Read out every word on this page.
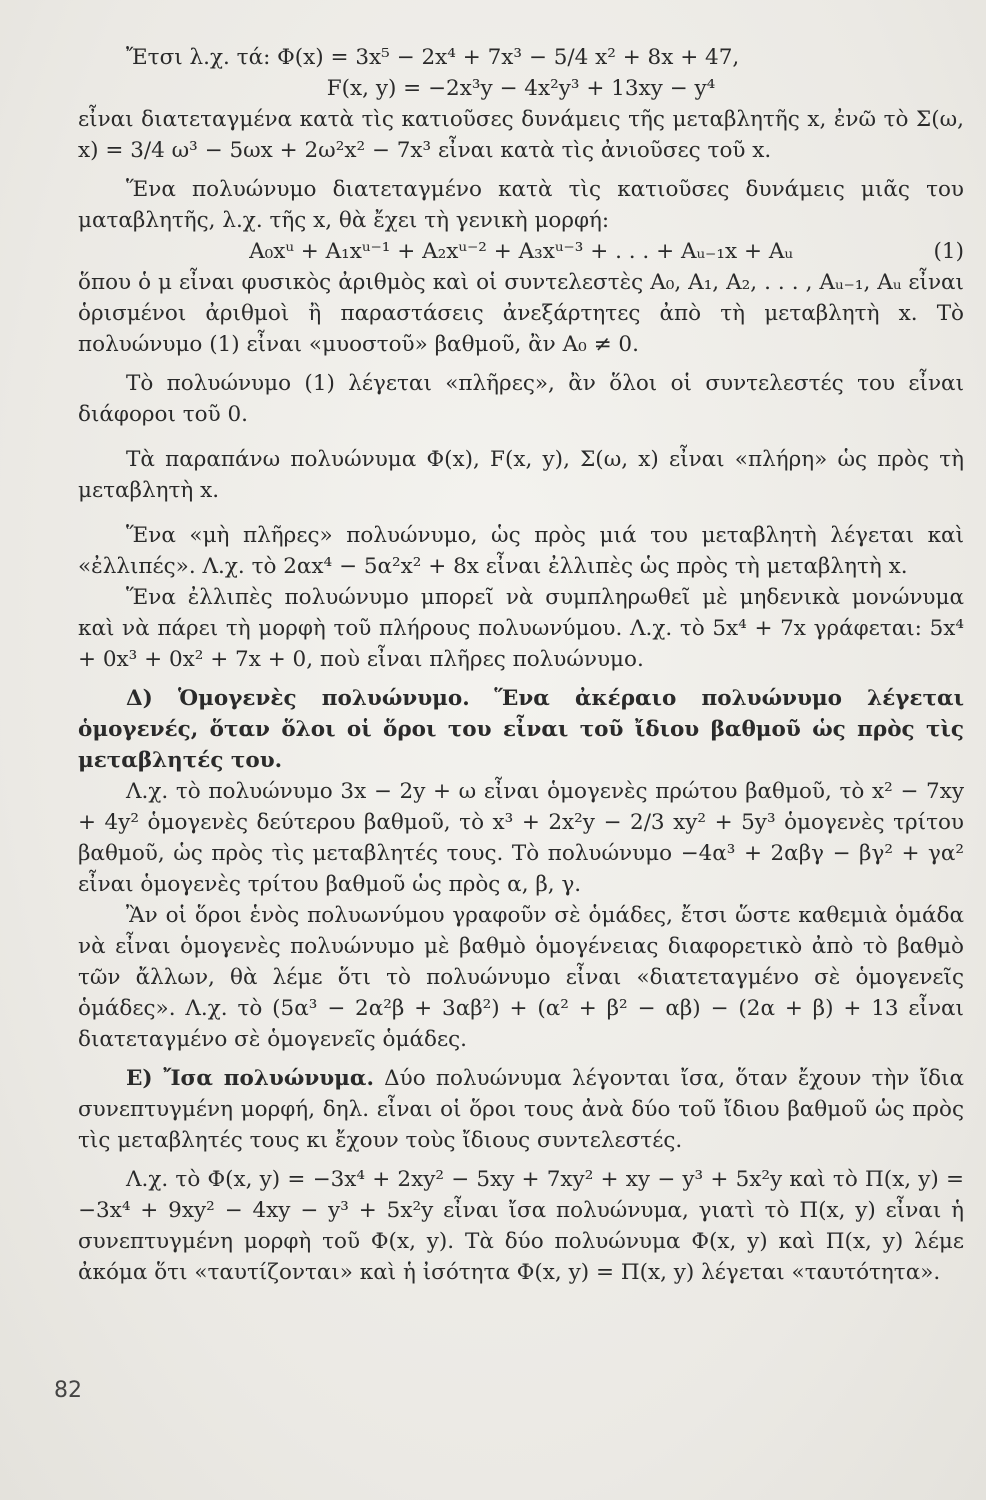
Ἔτσι λ.χ. τά: Φ(x) = 3x⁵ − 2x⁴ + 7x³ − 5/4 x² + 8x + 47,

F(x, y) = −2x³y − 4x²y³ + 13xy − y⁴

εἶναι διατεταγμένα κατὰ τὶς κατιοῦσες δυνάμεις τῆς μεταβλητῆς x, ἐνῶ τὸ Σ(ω, x) = 3/4 ω³ − 5ωx + 2ω²x² − 7x³ εἶναι κατὰ τὶς ἀνιοῦσες τοῦ x.

Ἕνα πολυώνυμο διατεταγμένο κατὰ τὶς κατιοῦσες δυνάμεις μιᾶς του ματαβλητῆς, λ.χ. τῆς x, θὰ ἔχει τὴ γενικὴ μορφή:

A₀xᵘ + A₁xᵘ⁻¹ + A₂xᵘ⁻² + A₃xᵘ⁻³ + . . . + Aᵤ₋₁x + Aᵤ	(1)

ὅπου ὁ μ εἶναι φυσικὸς ἀριθμὸς καὶ οἱ συντελεστὲς A₀, A₁, A₂, . . . , Aᵤ₋₁, Aᵤ εἶναι ὁρισμένοι ἀριθμοὶ ἢ παραστάσεις ἀνεξάρτητες ἀπὸ τὴ μεταβλητὴ x. Τὸ πολυώνυμο (1) εἶναι «μυοστοῦ» βαθμοῦ, ἂν A₀ ≠ 0.

Τὸ πολυώνυμο (1) λέγεται «πλῆρες», ἂν ὅλοι οἱ συντελεστές του εἶναι διάφοροι τοῦ 0.

Τὰ παραπάνω πολυώνυμα Φ(x), F(x, y), Σ(ω, x) εἶναι «πλήρη» ὡς πρὸς τὴ μεταβλητὴ x.

Ἕνα «μὴ πλῆρες» πολυώνυμο, ὡς πρὸς μιά του μεταβλητὴ λέγεται καὶ «ἐλλιπές». Λ.χ. τὸ 2αx⁴ − 5α²x² + 8x εἶναι ἐλλιπὲς ὡς πρὸς τὴ μεταβλητὴ x.

Ἕνα ἐλλιπὲς πολυώνυμο μπορεῖ νὰ συμπληρωθεῖ μὲ μηδενικὰ μονώνυμα καὶ νὰ πάρει τὴ μορφὴ τοῦ πλήρους πολυωνύμου. Λ.χ. τὸ 5x⁴ + 7x γράφεται: 5x⁴ + 0x³ + 0x² + 7x + 0, ποὺ εἶναι πλῆρες πολυώνυμο.

Δ) Ὁμογενὲς πολυώνυμο. Ἕνα ἀκέραιο πολυώνυμο λέγεται ὁμογενές, ὅταν ὅλοι οἱ ὅροι του εἶναι τοῦ ἴδιου βαθμοῦ ὡς πρὸς τὶς μεταβλητές του.

Λ.χ. τὸ πολυώνυμο 3x − 2y + ω εἶναι ὁμογενὲς πρώτου βαθμοῦ, τὸ x² − 7xy + 4y² ὁμογενὲς δεύτερου βαθμοῦ, τὸ x³ + 2x²y − 2/3 xy² + 5y³ ὁμογενὲς τρίτου βαθμοῦ, ὡς πρὸς τὶς μεταβλητές τους. Τὸ πολυώνυμο −4α³ + 2αβγ − βγ² + γα² εἶναι ὁμογενὲς τρίτου βαθμοῦ ὡς πρὸς α, β, γ.

Ἂν οἱ ὅροι ἑνὸς πολυωνύμου γραφοῦν σὲ ὁμάδες, ἔτσι ὥστε καθεμιὰ ὁμάδα νὰ εἶναι ὁμογενὲς πολυώνυμο μὲ βαθμὸ ὁμογένειας διαφορετικὸ ἀπὸ τὸ βαθμὸ τῶν ἄλλων, θὰ λέμε ὅτι τὸ πολυώνυμο εἶναι «διατεταγμένο σὲ ὁμογενεῖς ὁμάδες». Λ.χ. τὸ (5α³ − 2α²β + 3αβ²) + (α² + β² − αβ) − (2α + β) + 13 εἶναι διατεταγμένο σὲ ὁμογενεῖς ὁμάδες.

Ε) Ἴσα πολυώνυμα. Δύο πολυώνυμα λέγονται ἴσα, ὅταν ἔχουν τὴν ἴδια συνεπτυγμένη μορφή, δηλ. εἶναι οἱ ὅροι τους ἀνὰ δύο τοῦ ἴδιου βαθμοῦ ὡς πρὸς τὶς μεταβλητές τους κι ἔχουν τοὺς ἴδιους συντελεστές.

Λ.χ. τὸ Φ(x, y) = −3x⁴ + 2xy² − 5xy + 7xy² + xy − y³ + 5x²y καὶ τὸ Π(x, y) = −3x⁴ + 9xy² − 4xy − y³ + 5x²y εἶναι ἴσα πολυώνυμα, γιατὶ τὸ Π(x, y) εἶναι ἡ συνεπτυγμένη μορφὴ τοῦ Φ(x, y). Τὰ δύο πολυώνυμα Φ(x, y) καὶ Π(x, y) λέμε ἀκόμα ὅτι «ταυτίζονται» καὶ ἡ ἰσότητα Φ(x, y) = Π(x, y) λέγεται «ταυτότητα».

82
